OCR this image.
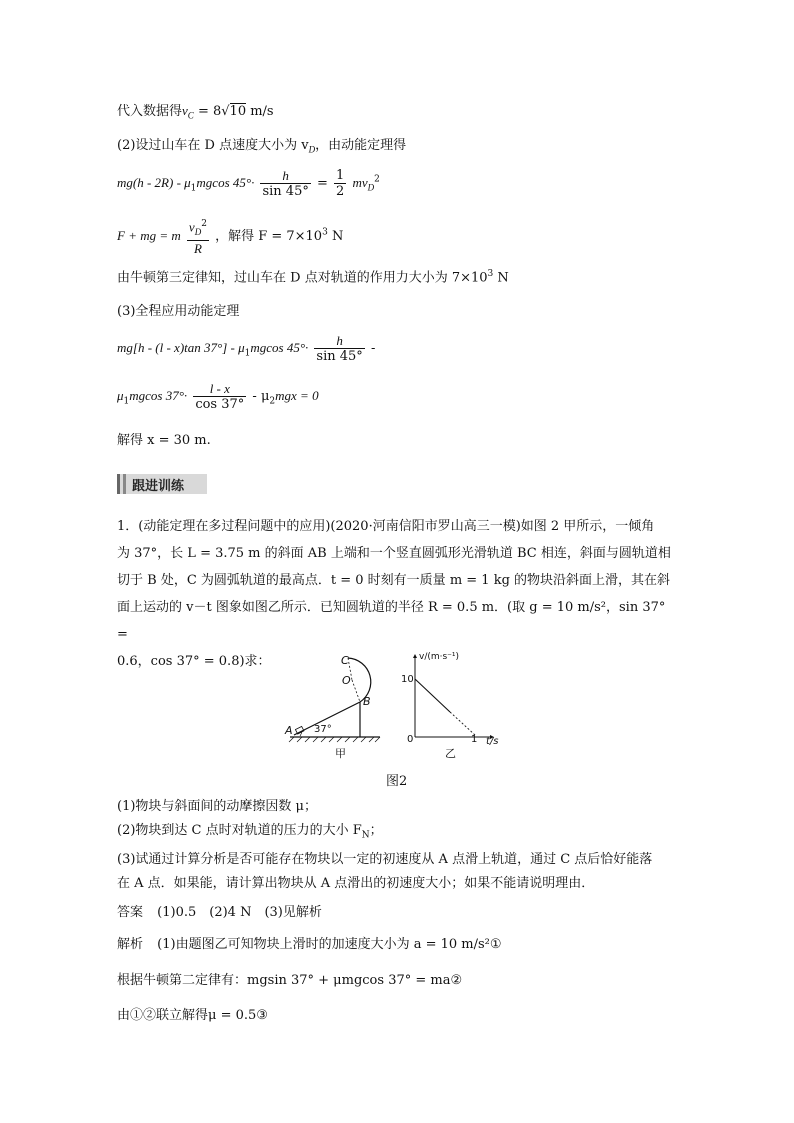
代入数据得$v_C = 8√10$ m/s
(2)设过山车在 D 点速度大小为 $v_D$，由动能定理得
$mg(h - 2R) - \mu_1mgcos$ $45^\circ\cdot \frac{h}{\sin 45^\circ} = \frac{1}{2} mv_D^2$
F + mg = m $\frac{v_D^2}{R}$ ，解得 $F = 7\times 10^3$ N
由牛顿第三定律知，过山车在 D 点对轨道的作用力大小为 $7\times 10^3$ N
(3)全程应用动能定理
mg[h - (l - x)tan $37^\circ] - \mu_1mgcos$ $45^\circ\cdot \frac{h}{\sin 45^\circ}$ -
$\mu_1mgcos$ $37^\circ\cdot \frac{l - x}{\cos 37^\circ} - \mu_2mgx = 0$
解得 x = 30 m.
跟进训练
1．(动能定理在多过程问题中的应用)(2020·河南信阳市罗山高三一模)如图 2 甲所示，一倾角
为 37°，长 L = 3.75 m 的斜面 AB 上端和一个竖直圆弧形光滑轨道 BC 相连，斜面与圆轨道相
切于 B 处，C 为圆弧轨道的最高点．t = 0 时刻有一质量 m = 1 kg 的物块沿斜面上滑，其在斜
面上运动的 v－t 图象如图乙所示．已知圆轨道的半径 R = 0.5 m．(取 g = 10 m/s²，sin 37° =
0.6，cos 37° = 0.8)求：	C
O
B
A 37°
甲
v/(m·s⁻¹)
10
0	1 t/s
乙
图2
(1)物块与斜面间的动摩擦因数 μ；
(2)物块到达 C 点时对轨道的压力的大小 $F_N$；
(3)试通过计算分析是否可能存在物块以一定的初速度从 A 点滑上轨道，通过 C 点后恰好能落
在 A 点．如果能，请计算出物块从 A 点滑出的初速度大小；如果不能请说明理由．
答案 (1)0.5　(2)4 N　(3)见解析
解析 (1)由题图乙可知物块上滑时的加速度大小为 a = 10 m/s²①
根据牛顿第二定律有：mgsin 37° + μmgcos 37° = ma②
由①②联立解得μ = 0.5③
